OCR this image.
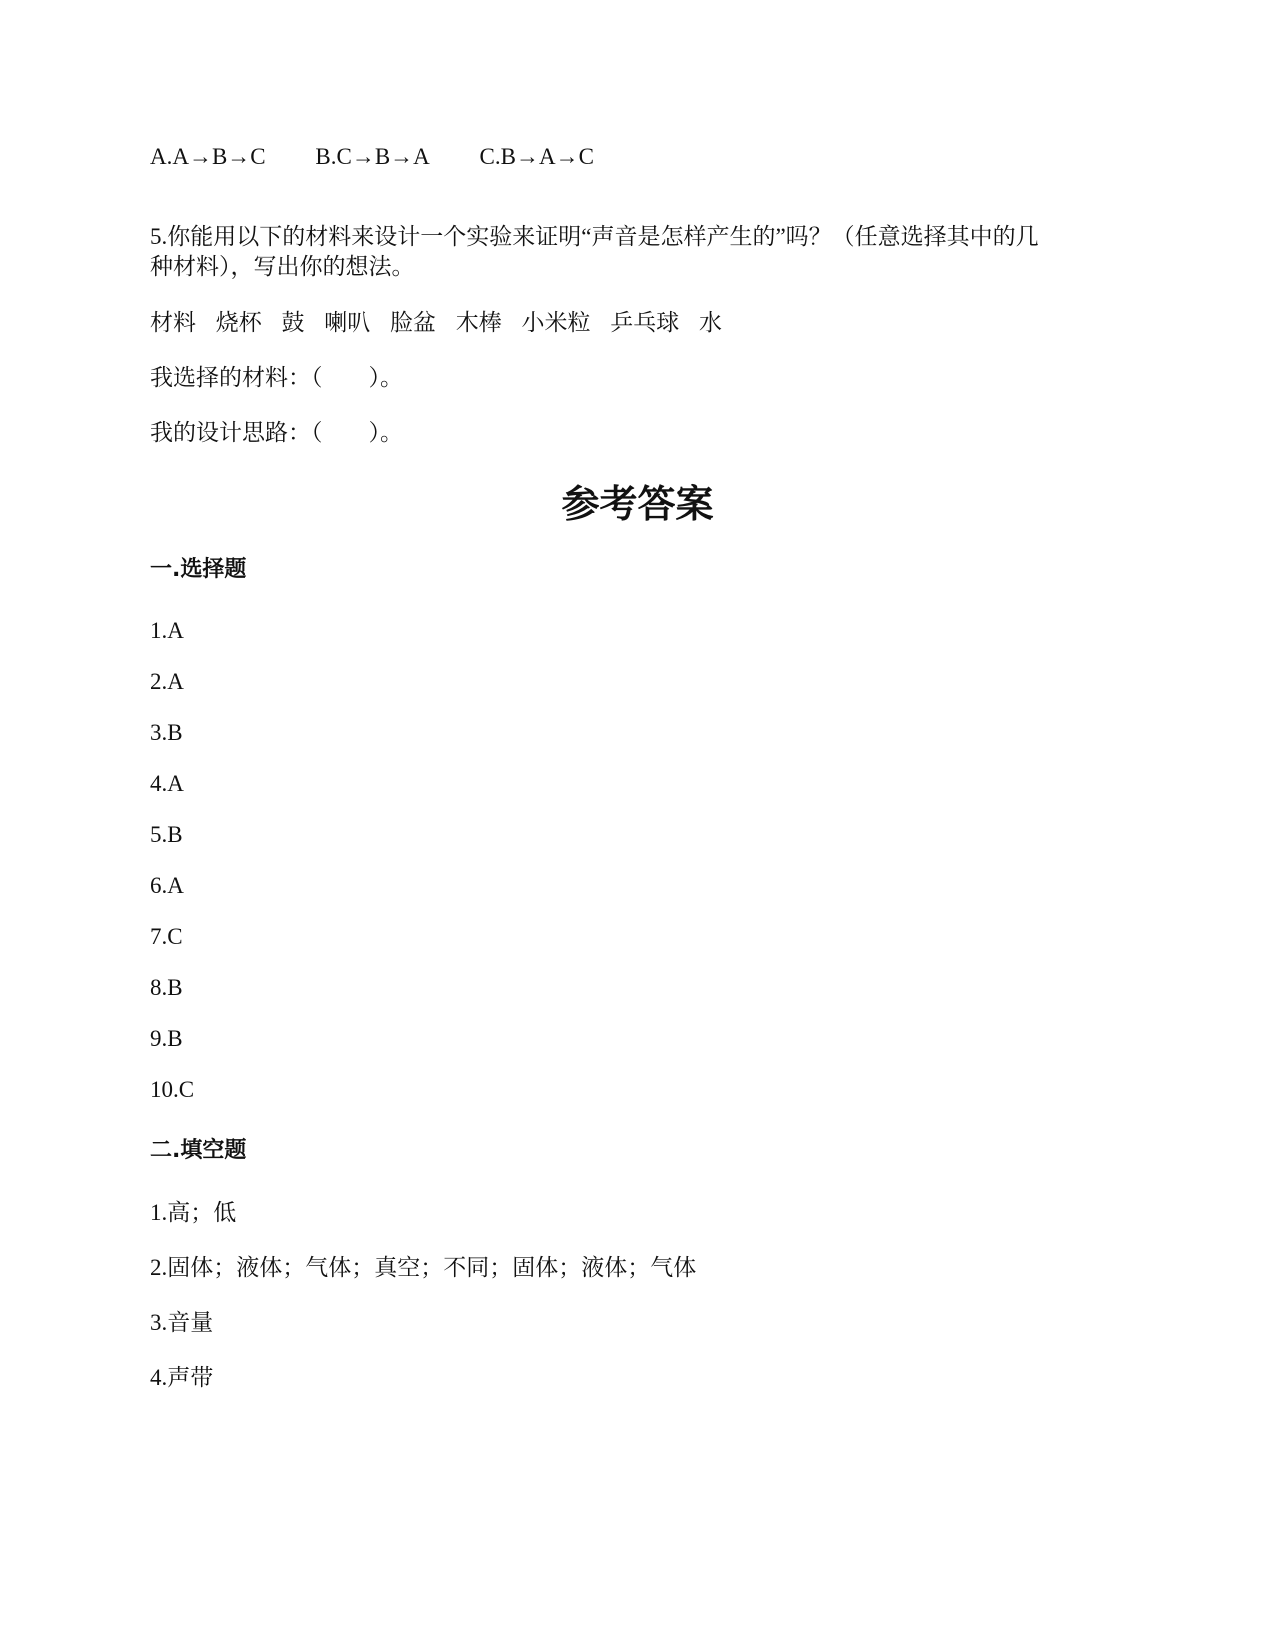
A.A→B→C B.C→B→A C.B→A→C
5.你能用以下的材料来设计一个实验来证明“声音是怎样产生的”吗？（任意选择其中的几
种材料），写出你的想法。
材料 烧杯 鼓 喇叭 脸盆 木棒 小米粒 乒乓球 水
我选择的材料：（　　）。
我的设计思路：（　　）。
参考答案
一.选择题
1.A
2.A
3.B
4.A
5.B
6.A
7.C
8.B
9.B
10.C
二.填空题
1.高；低
2.固体；液体；气体；真空；不同；固体；液体；气体
3.音量
4.声带
